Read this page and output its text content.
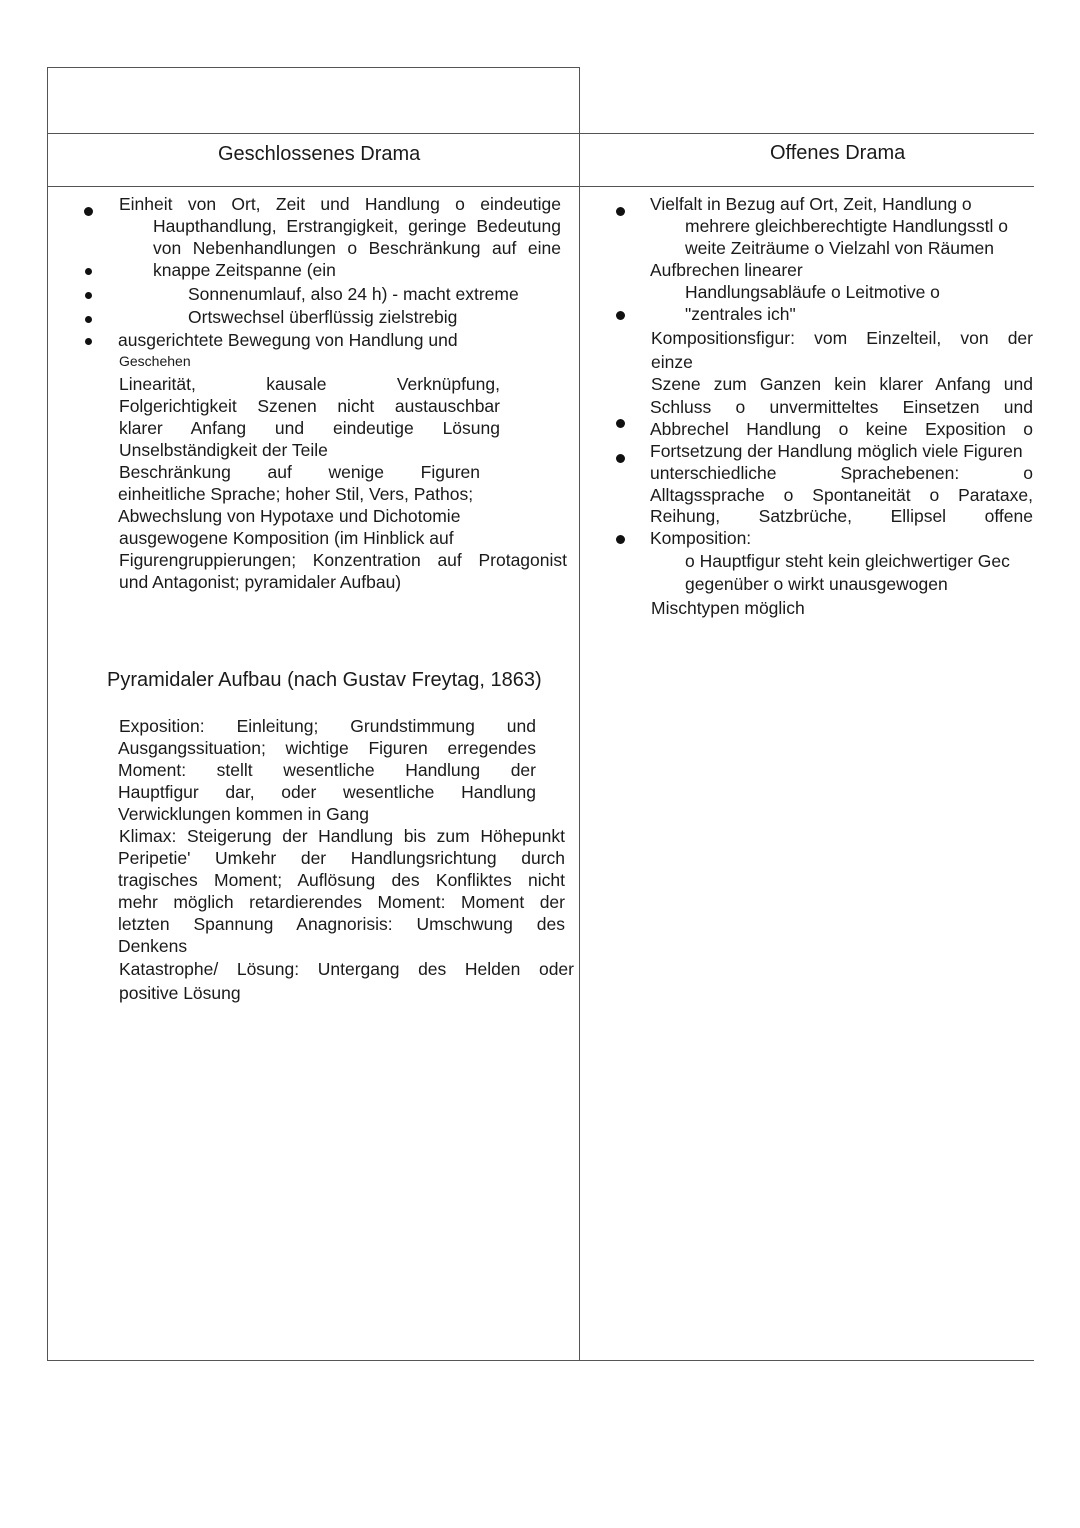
Geschlossenes Drama	Offenes Drama
Einheit von Ort, Zeit und Handlung o eindeutige
Haupthandlung, Erstrangigkeit, geringe Bedeutung
von Nebenhandlungen o Beschränkung auf eine
knappe Zeitspanne (ein
Sonnenumlauf, also 24 h) - macht extreme
Ortswechsel überflüssig zielstrebig
ausgerichtete Bewegung von Handlung und
Geschehen
Linearität, kausale Verknüpfung,
Folgerichtigkeit Szenen nicht austauschbar
klarer Anfang und eindeutige Lösung
Unselbständigkeit der Teile
Beschränkung auf wenige Figuren
einheitliche Sprache; hoher Stil, Vers, Pathos;
Abwechslung von Hypotaxe und Dichotomie
ausgewogene Komposition (im Hinblick auf
Figurengruppierungen; Konzentration auf Protagonist
und Antagonist; pyramidaler Aufbau)
Pyramidaler Aufbau (nach Gustav Freytag, 1863)
Exposition: Einleitung; Grundstimmung und
Ausgangssituation; wichtige Figuren erregendes
Moment: stellt wesentliche Handlung der
Hauptfigur dar, oder wesentliche Handlung
Verwicklungen kommen in Gang
Klimax: Steigerung der Handlung bis zum Höhepunkt
Peripetie' Umkehr der Handlungsrichtung durch
tragisches Moment; Auflösung des Konfliktes nicht
mehr möglich retardierendes Moment: Moment der
letzten Spannung Anagnorisis: Umschwung des
Denkens
Katastrophe/ Lösung: Untergang des Helden oder
positive Lösung
Vielfalt in Bezug auf Ort, Zeit, Handlung o
mehrere gleichberechtigte Handlungsstl o
weite Zeiträume o Vielzahl von Räumen
Aufbrechen linearer
Handlungsabläufe o Leitmotive o
"zentrales ich"
Kompositionsfigur: vom Einzelteil, von der
einze
Szene zum Ganzen kein klarer Anfang und
Schluss o unvermitteltes Einsetzen und
Abbrechel Handlung o keine Exposition o
Fortsetzung der Handlung möglich viele Figuren
unterschiedliche Sprachebenen: o
Alltagssprache o Spontaneität o Parataxe,
Reihung, Satzbrüche, Ellipsel offene
Komposition:
o Hauptfigur steht kein gleichwertiger Gec
gegenüber o wirkt unausgewogen
Mischtypen möglich
